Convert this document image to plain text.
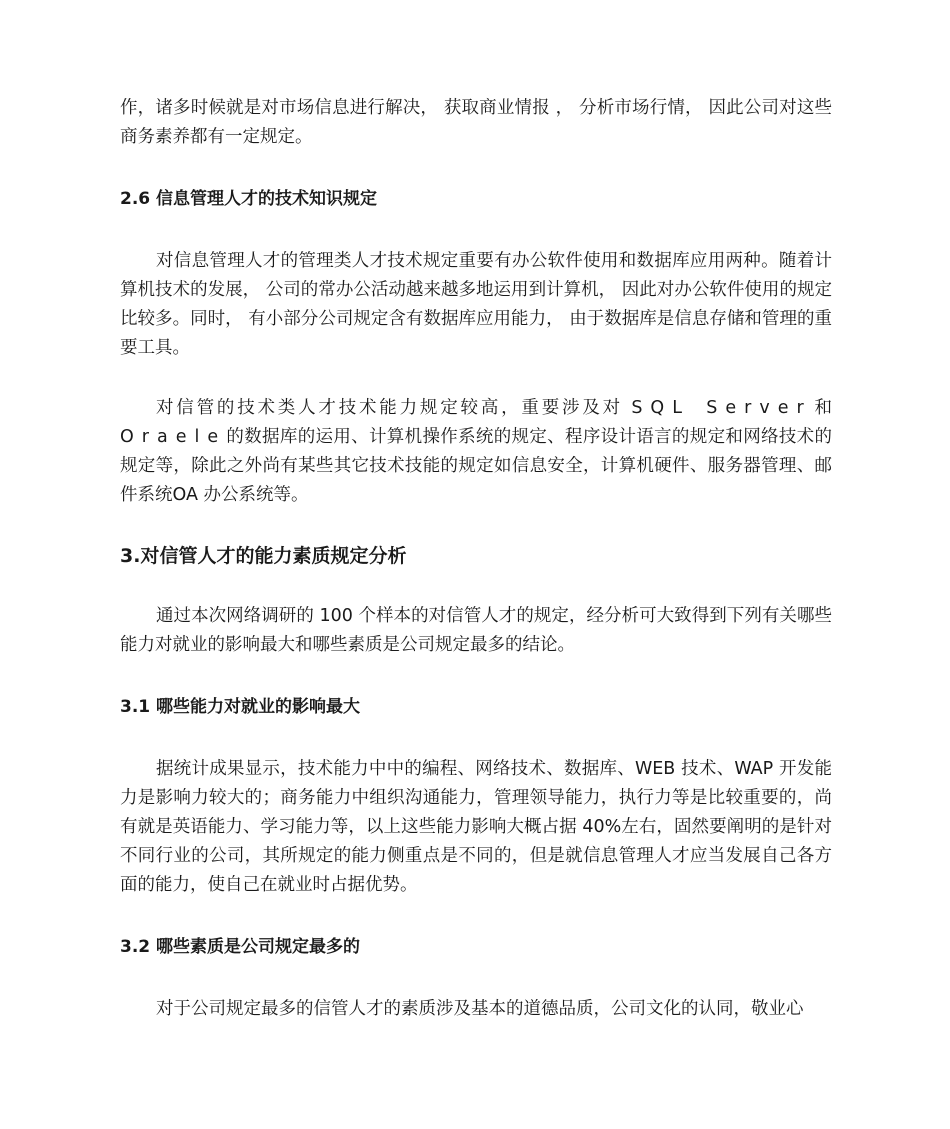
作，诸多时候就是对市场信息进行解决， 获取商业情报 ， 分析市场行情， 因此公司对这些商务素养都有一定规定。

2.6 信息管理人才的技术知识规定

对信息管理人才的管理类人才技术规定重要有办公软件使用和数据库应用两种。随着计算机技术的发展， 公司的常办公活动越来越多地运用到计算机， 因此对办公软件使用的规定比较多。同时， 有小部分公司规定含有数据库应用能力， 由于数据库是信息存储和管理的重要工具。

对信管的技术类人才技术能力规定较高，重要涉及对 SQL Server和 Oraele的数据库的运用、计算机操作系统的规定、程序设计语言的规定和网络技术的规定等，除此之外尚有某些其它技术技能的规定如信息安全，计算机硬件、服务器管理、邮件系统OA 办公系统等。

3.对信管人才的能力素质规定分析

通过本次网络调研的 100 个样本的对信管人才的规定，经分析可大致得到下列有关哪些能力对就业的影响最大和哪些素质是公司规定最多的结论。

3.1 哪些能力对就业的影响最大

据统计成果显示，技术能力中中的编程、网络技术、数据库、WEB 技术、WAP 开发能力是影响力较大的；商务能力中组织沟通能力，管理领导能力，执行力等是比较重要的，尚有就是英语能力、学习能力等，以上这些能力影响大概占据 40%左右，固然要阐明的是针对不同行业的公司，其所规定的能力侧重点是不同的，但是就信息管理人才应当发展自己各方面的能力，使自己在就业时占据优势。

3.2 哪些素质是公司规定最多的

对于公司规定最多的信管人才的素质涉及基本的道德品质，公司文化的认同，敬业心
